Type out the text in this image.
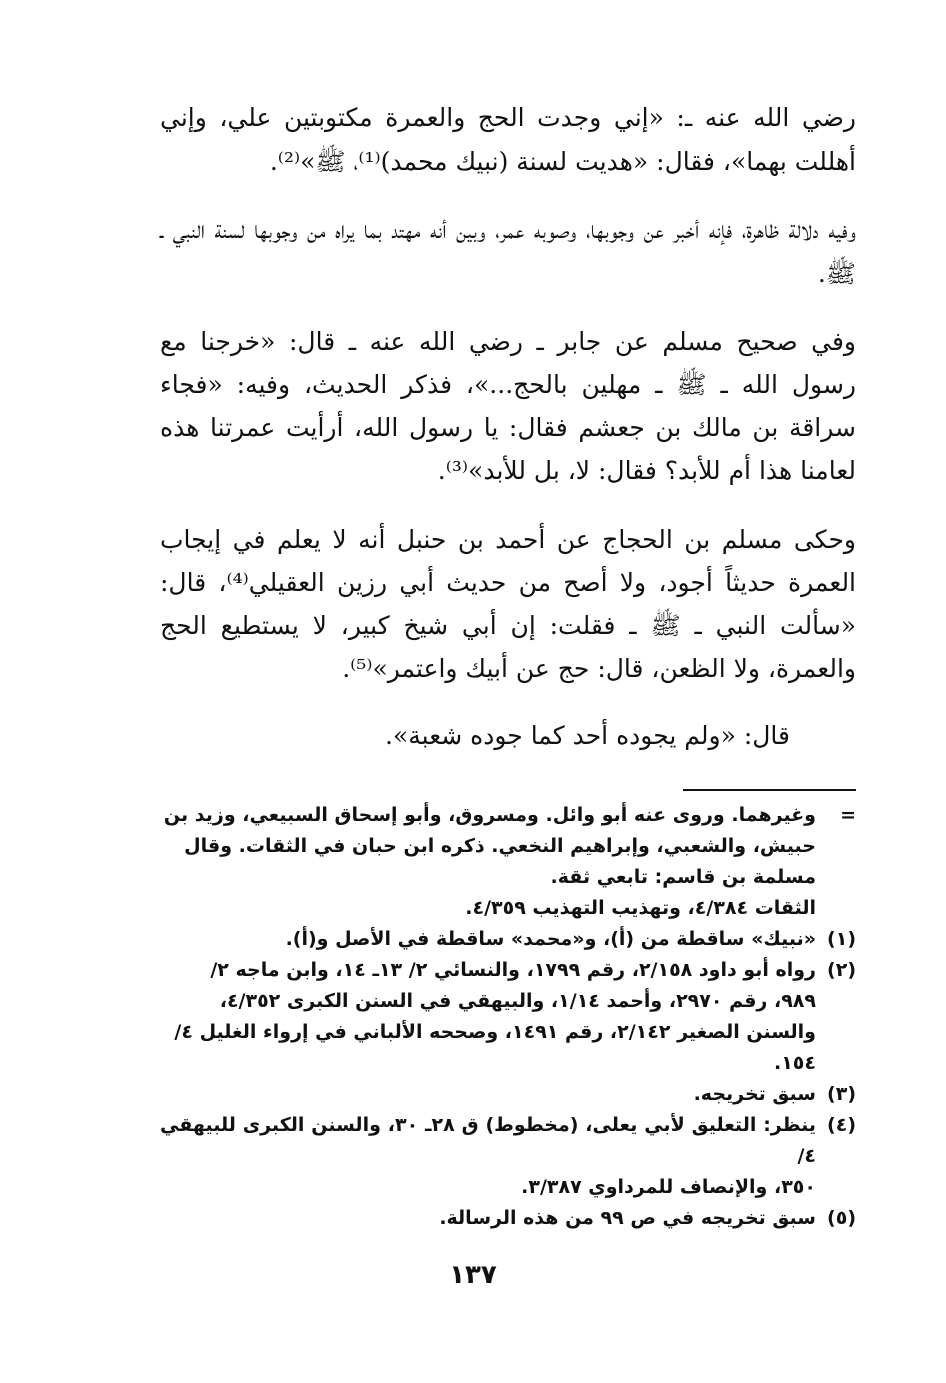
رضي الله عنه ـ: «إني وجدت الحج والعمرة مكتوبتين علي، وإني أهللت بهما»، فقال: «هديت لسنة (نبيك محمد)⁽¹⁾، ﷺ»⁽²⁾.

وفيه دلالة ظاهرة، فإنه أخبر عن وجوبها، وصوبه عمر، وبين أنه مهتد بما يراه من وجوبها لسنة النبي ـ ﷺ.

وفي صحيح مسلم عن جابر ـ رضي الله عنه ـ قال: «خرجنا مع رسول الله ـ ﷺ ـ مهلين بالحج...»، فذكر الحديث، وفيه: «فجاء سراقة بن مالك بن جعشم فقال: يا رسول الله، أرأيت عمرتنا هذه لعامنا هذا أم للأبد؟ فقال: لا، بل للأبد»⁽³⁾.

وحكى مسلم بن الحجاج عن أحمد بن حنبل أنه لا يعلم في إيجاب العمرة حديثاً أجود، ولا أصح من حديث أبي رزين العقيلي⁽⁴⁾، قال: «سألت النبي ـ ﷺ ـ فقلت: إن أبي شيخ كبير، لا يستطيع الحج والعمرة، ولا الظعن، قال: حج عن أبيك واعتمر»⁽⁵⁾.

قال: «ولم يجوده أحد كما جوده شعبة».

=
وغيرهما. وروى عنه أبو وائل. ومسروق، وأبو إسحاق السبيعي، وزيد بن
حبيش، والشعبي، وإبراهيم النخعي. ذكره ابن حبان في الثقات. وقال
مسلمة بن قاسم: تابعي ثقة.
الثقات ٤/٣٨٤، وتهذيب التهذيب ٤/٣٥٩.
(١)
«نبيك» ساقطة من (أ)، و«محمد» ساقطة في الأصل و(أ).
(٢)
رواه أبو داود ٢/١٥٨، رقم ١٧٩٩، والنسائي ٢/ ١٣ـ ١٤، وابن ماجه ٢/
٩٨٩، رقم ٢٩٧٠، وأحمد ١/١٤، والبيهقي في السنن الكبرى ٤/٣٥٢،
والسنن الصغير ٢/١٤٢، رقم ١٤٩١، وصححه الألباني في إرواء الغليل ٤/
١٥٤.
(٣)
سبق تخريجه.
(٤)
ينظر: التعليق لأبي يعلى، (مخطوط) ق ٢٨ـ ٣٠، والسنن الكبرى للبيهقي ٤/
٣٥٠، والإنصاف للمرداوي ٣/٣٨٧.
(٥)
سبق تخريجه في ص ٩٩ من هذه الرسالة.
١٣٧
